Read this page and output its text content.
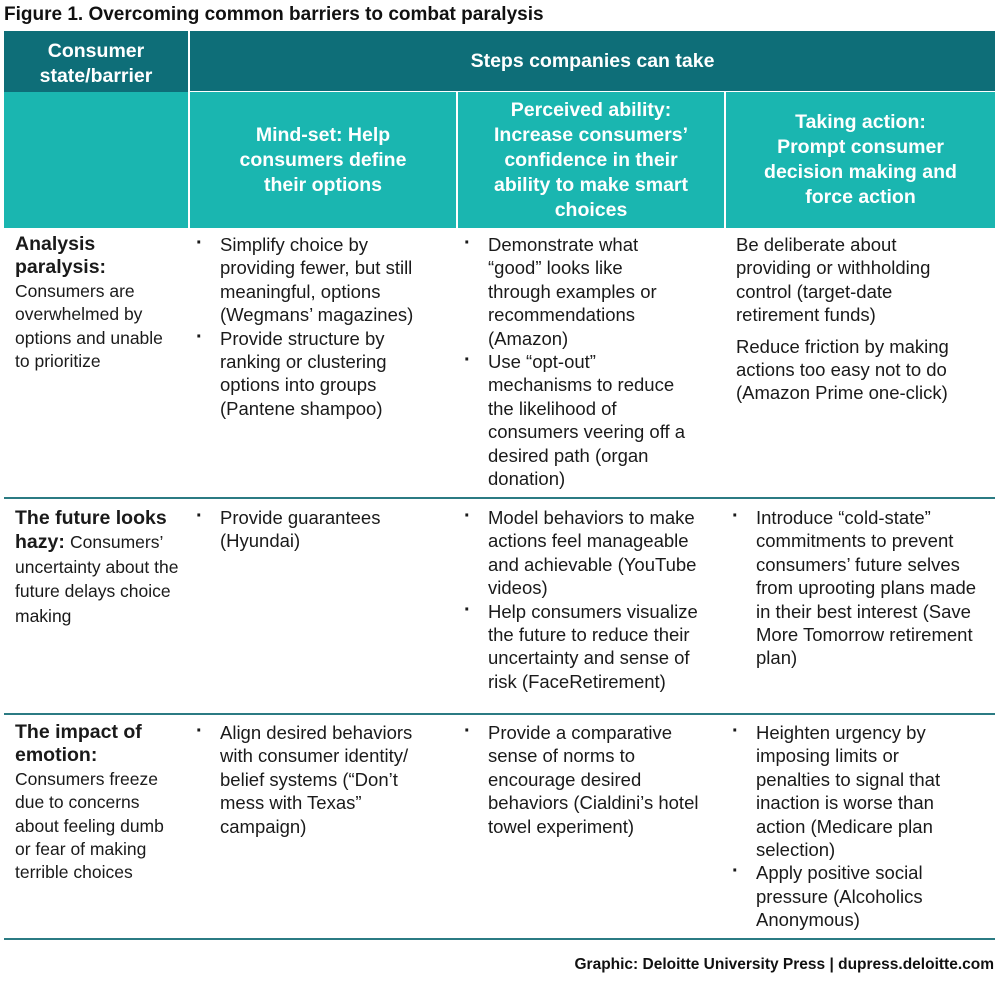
Figure 1. Overcoming common barriers to combat paralysis
Consumer state/barrier
Steps companies can take
Mind-set: Help consumers define their options
Perceived ability: Increase consumers’ confidence in their ability to make smart choices
Taking action: Prompt consumer decision making and force action
Analysis paralysis:
Consumers are overwhelmed by options and unable to prioritize
· Simplify choice by providing fewer, but still meaningful, options (Wegmans’ magazines)
· Provide structure by ranking or clustering options into groups (Pantene shampoo)
· Demonstrate what “good” looks like through examples or recommendations (Amazon)
· Use “opt-out” mechanisms to reduce the likelihood of consumers veering off a desired path (organ donation)

Be deliberate about providing or withholding control (target-date retirement funds)

Reduce friction by making actions too easy not to do (Amazon Prime one-click)

The future looks hazy: Consumers’ uncertainty about the future delays choice making
· Provide guarantees (Hyundai)
· Model behaviors to make actions feel manageable and achievable (YouTube videos)
· Help consumers visualize the future to reduce their uncertainty and sense of risk (FaceRetirement)
· Introduce “cold-state” commitments to prevent consumers’ future selves from uprooting plans made in their best interest (Save More Tomorrow retirement plan)
The impact of emotion:
Consumers freeze due to concerns about feeling dumb or fear of making terrible choices
· Align desired behaviors with consumer identity/ belief systems (“Don’t mess with Texas” campaign)
· Provide a comparative sense of norms to encourage desired behaviors (Cialdini’s hotel towel experiment)
· Heighten urgency by imposing limits or penalties to signal that inaction is worse than action (Medicare plan selection)
· Apply positive social pressure (Alcoholics Anonymous)
Graphic: Deloitte University Press | dupress.deloitte.com
